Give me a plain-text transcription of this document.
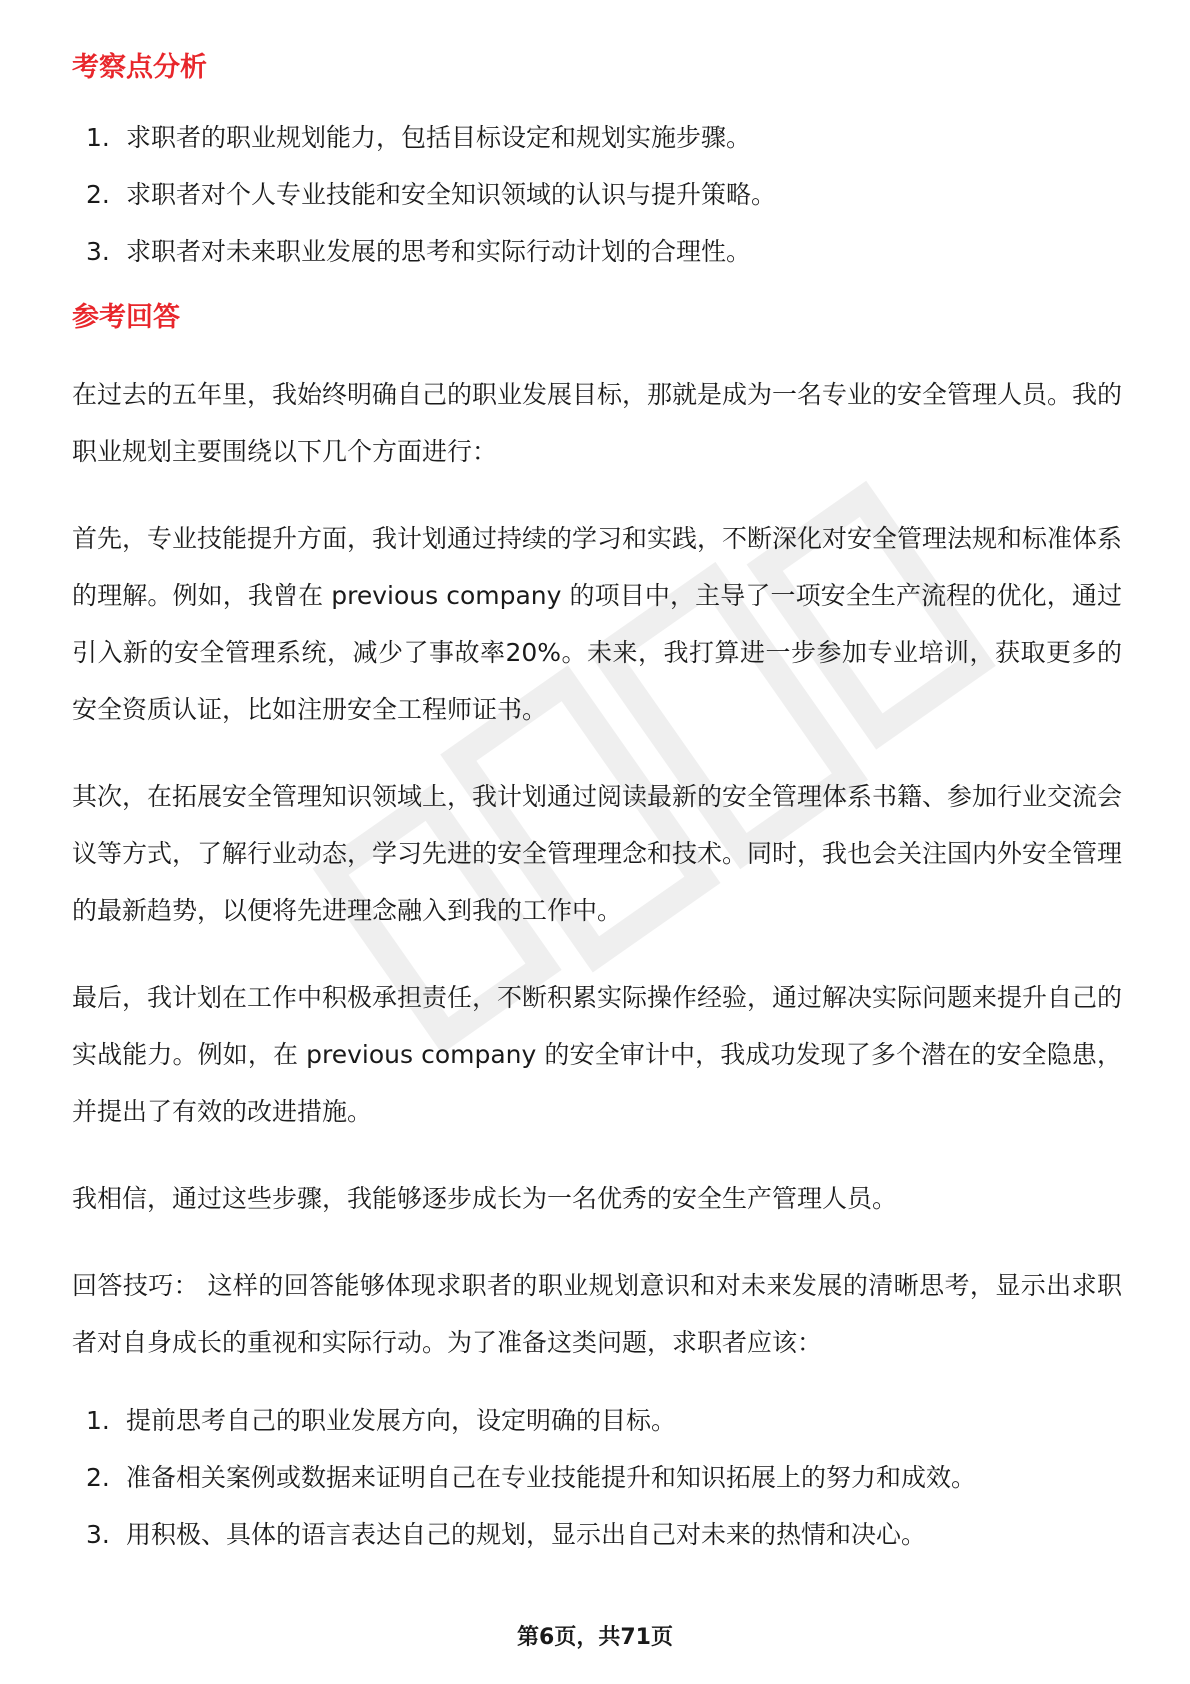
考察点分析
1. 求职者的职业规划能力，包括目标设定和规划实施步骤。
2. 求职者对个人专业技能和安全知识领域的认识与提升策略。
3. 求职者对未来职业发展的思考和实际行动计划的合理性。
参考回答

在过去的五年里，我始终明确自己的职业发展目标，那就是成为一名专业的安全管理人员。我的职业规划主要围绕以下几个方面进行：

首先，专业技能提升方面，我计划通过持续的学习和实践，不断深化对安全管理法规和标准体系的理解。例如，我曾在 previous company 的项目中，主导了一项安全生产流程的优化，通过引入新的安全管理系统，减少了事故率20%。未来，我打算进一步参加专业培训，获取更多的安全资质认证，比如注册安全工程师证书。

其次，在拓展安全管理知识领域上，我计划通过阅读最新的安全管理体系书籍、参加行业交流会议等方式，了解行业动态，学习先进的安全管理理念和技术。同时，我也会关注国内外安全管理的最新趋势，以便将先进理念融入到我的工作中。

最后，我计划在工作中积极承担责任，不断积累实际操作经验，通过解决实际问题来提升自己的实战能力。例如，在 previous company 的安全审计中，我成功发现了多个潜在的安全隐患，并提出了有效的改进措施。

我相信，通过这些步骤，我能够逐步成长为一名优秀的安全生产管理人员。

回答技巧： 这样的回答能够体现求职者的职业规划意识和对未来发展的清晰思考，显示出求职者对自身成长的重视和实际行动。为了准备这类问题，求职者应该：

1. 提前思考自己的职业发展方向，设定明确的目标。
2. 准备相关案例或数据来证明自己在专业技能提升和知识拓展上的努力和成效。
3. 用积极、具体的语言表达自己的规划，显示出自己对未来的热情和决心。
第6页，共71页
